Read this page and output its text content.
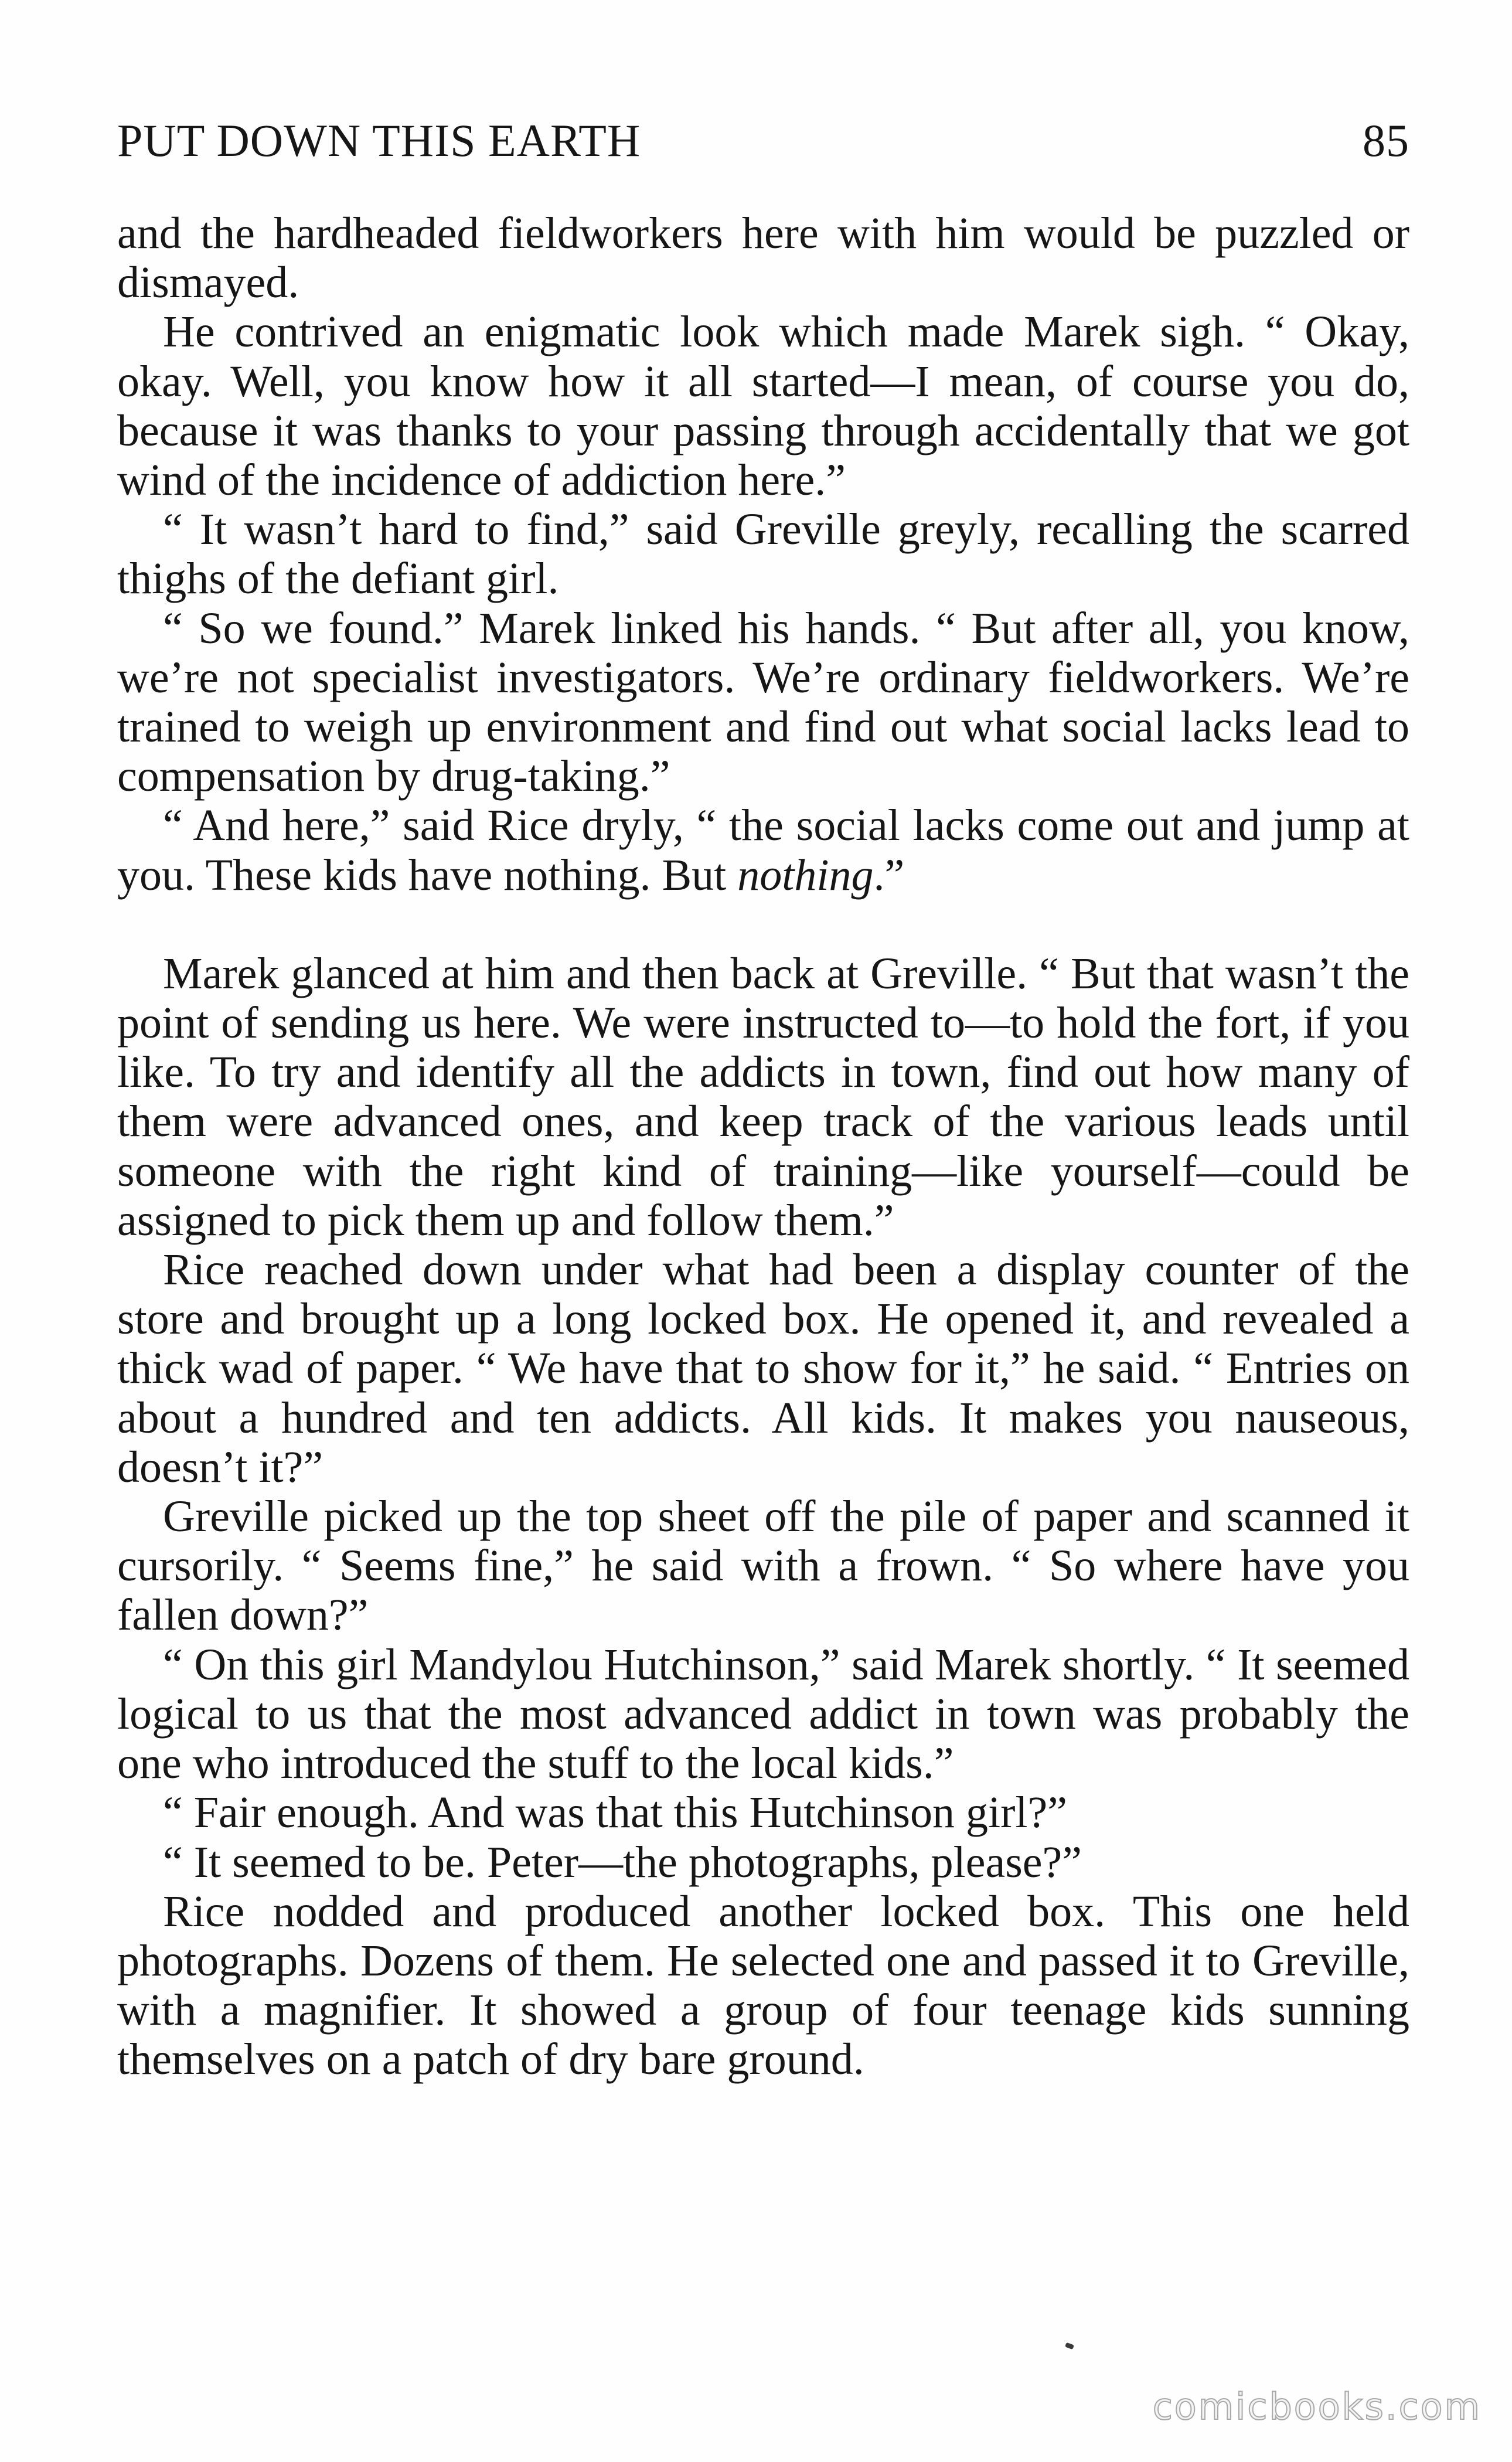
PUT DOWN THIS EARTH	85

and the hardheaded fieldworkers here with him would be puzzled or dismayed.

He contrived an enigmatic look which made Marek sigh. “ Okay, okay. Well, you know how it all started—I mean, of course you do, because it was thanks to your passing through accidentally that we got wind of the incidence of addiction here.”

“ It wasn’t hard to find,” said Greville greyly, recalling the scarred thighs of the defiant girl.

“ So we found.” Marek linked his hands. “ But after all, you know, we’re not specialist investigators. We’re ordinary fieldworkers. We’re trained to weigh up environment and find out what social lacks lead to compensation by drug-taking.”

“ And here,” said Rice dryly, “ the social lacks come out and jump at you. These kids have nothing. But nothing.”

Marek glanced at him and then back at Greville. “ But that wasn’t the point of sending us here. We were instructed to—to hold the fort, if you like. To try and identify all the addicts in town, find out how many of them were advanced ones, and keep track of the various leads until someone with the right kind of training—like yourself—could be assigned to pick them up and follow them.”

Rice reached down under what had been a display counter of the store and brought up a long locked box. He opened it, and revealed a thick wad of paper. “ We have that to show for it,” he said. “ Entries on about a hundred and ten addicts. All kids. It makes you nauseous, doesn’t it?”

Greville picked up the top sheet off the pile of paper and scanned it cursorily. “ Seems fine,” he said with a frown. “ So where have you fallen down?”

“ On this girl Mandylou Hutchinson,” said Marek shortly. “ It seemed logical to us that the most advanced addict in town was probably the one who introduced the stuff to the local kids.”

“ Fair enough. And was that this Hutchinson girl?”

“ It seemed to be. Peter—the photographs, please?”

Rice nodded and produced another locked box. This one held photographs. Dozens of them. He selected one and passed it to Greville, with a magnifier. It showed a group of four teenage kids sunning themselves on a patch of dry bare ground.

comicbooks.com
